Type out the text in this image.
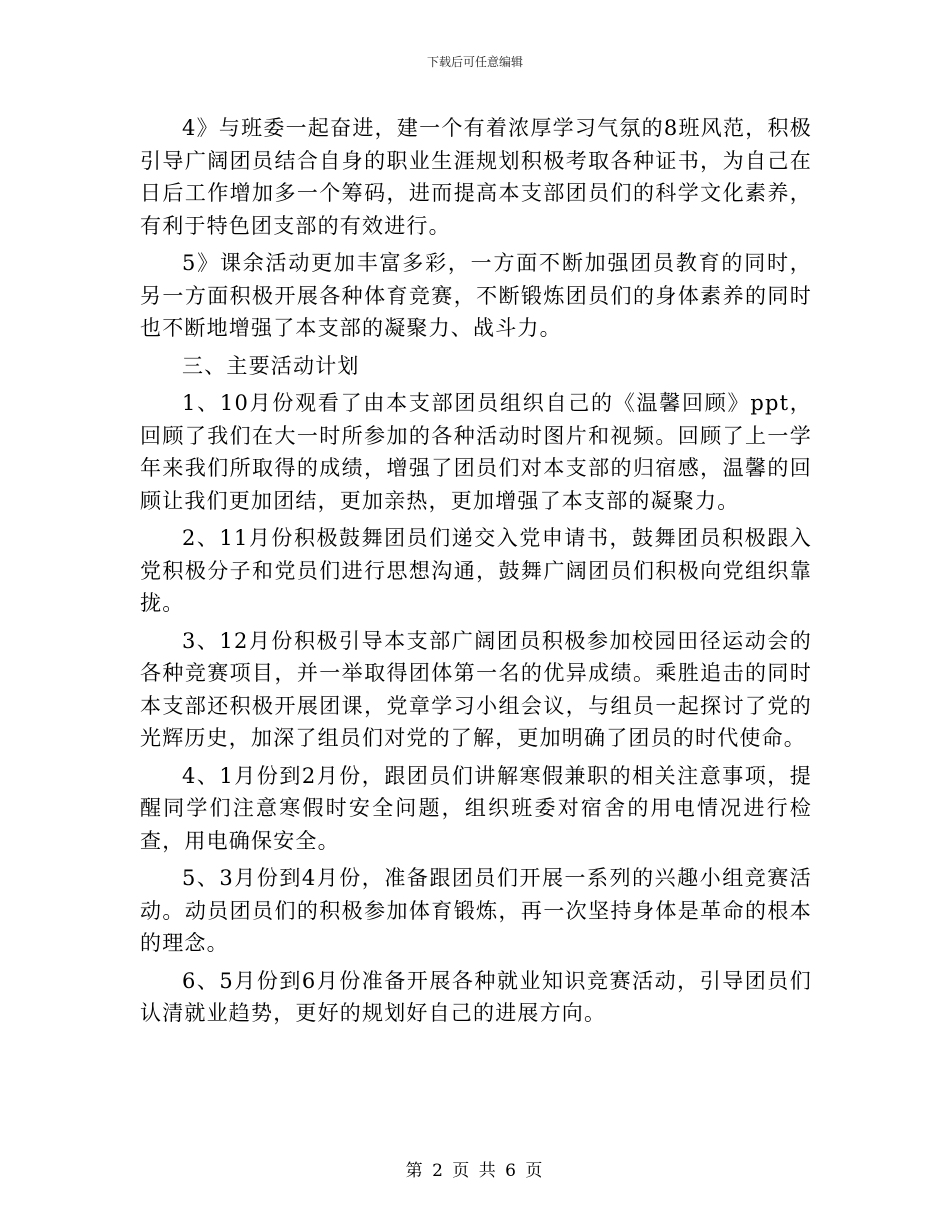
下载后可任意编辑

4》与班委一起奋进，建一个有着浓厚学习气氛的8班风范，积极引导广阔团员结合自身的职业生涯规划积极考取各种证书，为自己在日后工作增加多一个筹码，进而提高本支部团员们的科学文化素养，有利于特色团支部的有效进行。

5》课余活动更加丰富多彩，一方面不断加强团员教育的同时，另一方面积极开展各种体育竞赛，不断锻炼团员们的身体素养的同时也不断地增强了本支部的凝聚力、战斗力。

三、主要活动计划

1、10月份观看了由本支部团员组织自己的《温馨回顾》ppt，回顾了我们在大一时所参加的各种活动时图片和视频。回顾了上一学年来我们所取得的成绩，增强了团员们对本支部的归宿感，温馨的回顾让我们更加团结，更加亲热，更加增强了本支部的凝聚力。

2、11月份积极鼓舞团员们递交入党申请书，鼓舞团员积极跟入党积极分子和党员们进行思想沟通，鼓舞广阔团员们积极向党组织靠拢。

3、12月份积极引导本支部广阔团员积极参加校园田径运动会的各种竞赛项目，并一举取得团体第一名的优异成绩。乘胜追击的同时本支部还积极开展团课，党章学习小组会议，与组员一起探讨了党的光辉历史，加深了组员们对党的了解，更加明确了团员的时代使命。

4、1月份到2月份，跟团员们讲解寒假兼职的相关注意事项，提醒同学们注意寒假时安全问题，组织班委对宿舍的用电情况进行检查，用电确保安全。

5、3月份到4月份，准备跟团员们开展一系列的兴趣小组竞赛活动。动员团员们的积极参加体育锻炼，再一次坚持身体是革命的根本的理念。

6、5月份到6月份准备开展各种就业知识竞赛活动，引导团员们认清就业趋势，更好的规划好自己的进展方向。

第 2 页 共 6 页
